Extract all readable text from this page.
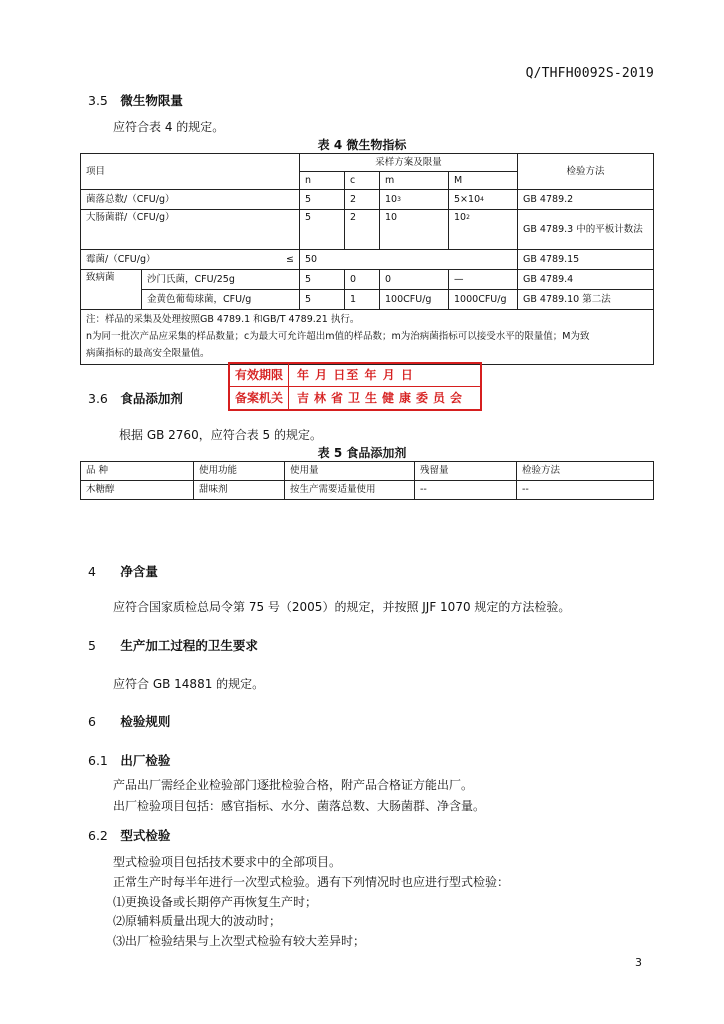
Q/THFH0092S-2019
3.5 微生物限量
应符合表 4 的规定。
表 4 微生物指标
项目		采样方案及限量				检验方法
		n	c	m	M	
菌落总数/（CFU/g）		5	2	$10^3$	$5\times 10^4$	GB 4789.2
大肠菌群/（CFU/g）		5	2	10	$10^2$	GB 4789.3 中的平板计数法
霉菌/（CFU/g） ≤		50				GB 4789.15
致病菌	沙门氏菌，CFU/25g	5	0	0	—	GB 4789.4
	金黄色葡萄球菌，CFU/g	5	1	100CFU/g	1000CFU/g	GB 4789.10 第二法

注：样品的采集及处理按照GB 4789.1 和GB/T 4789.21 执行。
n为同一批次产品应采集的样品数量；c为最大可允许超出m值的样品数；m为治病菌指标可以接受水平的限量值；M为致
病菌指标的最高安全限量值。						
有效期限	年 月 日至 年 月 日
备案机关	吉林省卫生健康委员会
3.6 食品添加剂
根据 GB 2760，应符合表 5 的规定。
表 5 食品添加剂
品 种	使用功能	使用量	残留量	检验方法
木糖醇	甜味剂	按生产需要适量使用	--	--
4 净含量
应符合国家质检总局令第 75 号（2005）的规定，并按照 JJF 1070 规定的方法检验。
5 生产加工过程的卫生要求
应符合 GB 14881 的规定。
6 检验规则
6.1 出厂检验
产品出厂需经企业检验部门逐批检验合格，附产品合格证方能出厂。
出厂检验项目包括：感官指标、水分、菌落总数、大肠菌群、净含量。
6.2 型式检验
型式检验项目包括技术要求中的全部项目。
正常生产时每半年进行一次型式检验。遇有下列情况时也应进行型式检验：
⑴更换设备或长期停产再恢复生产时；
⑵原辅料质量出现大的波动时；
⑶出厂检验结果与上次型式检验有较大差异时；
3
